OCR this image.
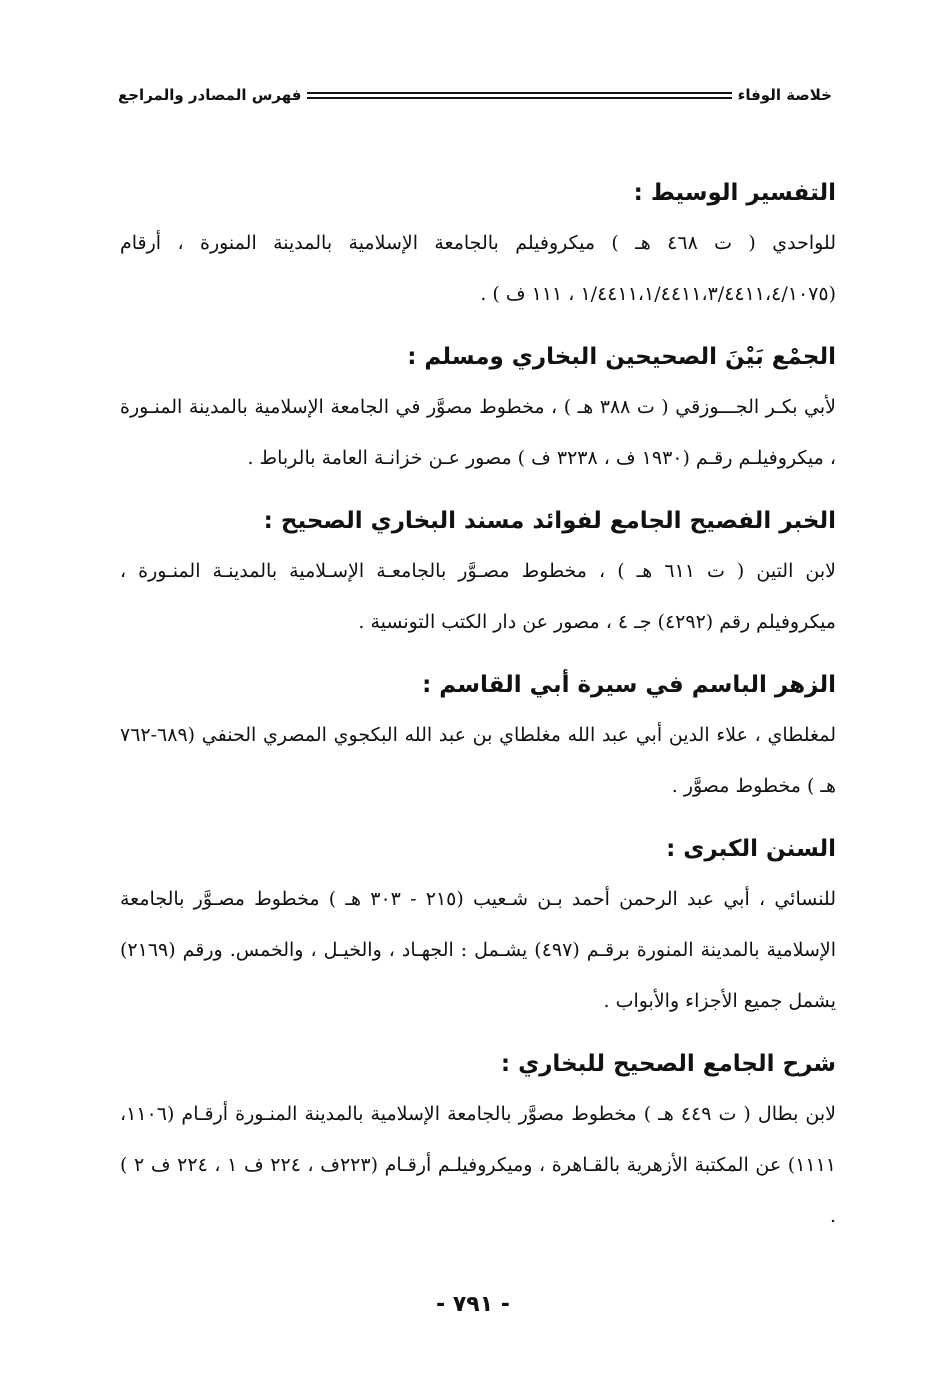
خلاصة الوفاء
فهرس المصادر والمراجع
التفسير الوسيط :

للواحدي ( ت ٤٦٨ هـ ) ميكروفيلم بالجامعة الإسلامية بالمدينة المنورة ، أرقام (١/٤٤١١،١/٤٤١١،٣/٤٤١١،٤/١٠٧٥ ، ١١١ ف ) .

الجمْع بَيْنَ الصحيحين البخاري ومسلم :

لأبي بكـر الجـــوزقي ( ت ٣٨٨ هـ ) ، مخطوط مصوَّر في الجامعة الإسلامية بالمدينة المنـورة ، ميكروفيلـم رقـم (١٩٣٠ ف ، ٣٢٣٨ ف ) مصور عـن خزانـة العامة بالرباط .

الخبر الفصيح الجامع لفوائد مسند البخاري الصحيح :

لابن التين ( ت ٦١١ هـ ) ، مخطوط مصـوَّر بالجامعـة الإسـلامية بالمدينـة المنـورة ، ميكروفيلم رقم (٤٢٩٢) جـ ٤ ، مصور عن دار الكتب التونسية .

الزهر الباسم في سيرة أبي القاسم :

لمغلطاي ، علاء الدين أبي عبد الله مغلطاي بن عبد الله البكجوي المصري الحنفي (٦٨٩-٧٦٢ هـ ) مخطوط مصوَّر .

السنن الكبرى :

للنسائي ، أبي عبد الرحمن أحمد بـن شـعيب (٢١٥ - ٣٠٣ هـ ) مخطوط مصـوَّر بالجامعة الإسلامية بالمدينة المنورة برقـم (٤٩٧) يشـمل : الجهـاد ، والخيـل ، والخمس. ورقم (٢١٦٩) يشمل جميع الأجزاء والأبواب .

شرح الجامع الصحيح للبخاري :

لابن بطال ( ت ٤٤٩ هـ ) مخطوط مصوَّر بالجامعة الإسلامية بالمدينة المنـورة أرقـام (١١٠٦، ١١١١) عن المكتبة الأزهرية بالقـاهرة ، وميكروفيلـم أرقـام (٢٢٣ف ، ٢٢٤ ف ١ ، ٢٢٤ ف ٢ ) .

- ٧٩١ -
